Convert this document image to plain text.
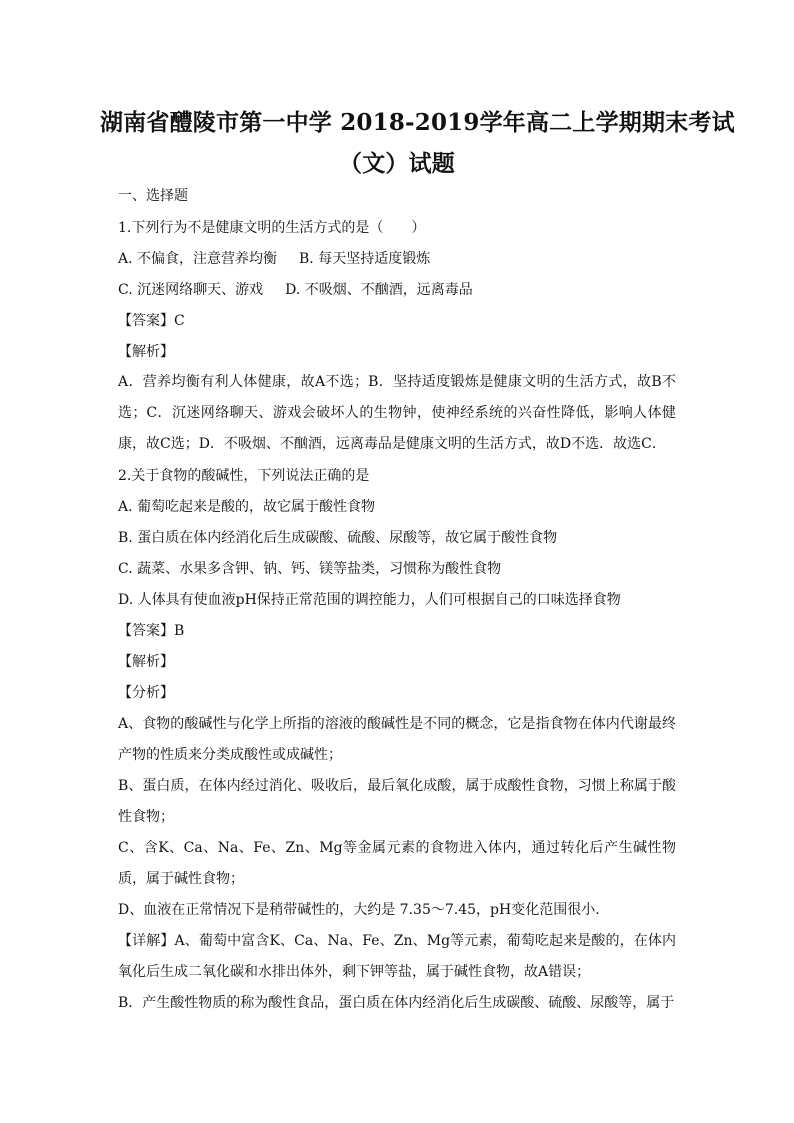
湖南省醴陵市第一中学 2018-2019学年高二上学期期末考试
（文）试题
一、选择题
1.下列行为不是健康文明的生活方式的是（　　）
A. 不偏食，注意营养均衡 B. 每天坚持适度锻炼
C. 沉迷网络聊天、游戏 D. 不吸烟、不酗酒，远离毒品
【答案】C
【解析】
A．营养均衡有利人体健康，故A不选；B．坚持适度锻炼是健康文明的生活方式，故B不选；C．沉迷网络聊天、游戏会破坏人的生物钟，使神经系统的兴奋性降低，影响人体健康，故C选；D．不吸烟、不酗酒，远离毒品是健康文明的生活方式，故D不选．故选C．
2.关于食物的酸碱性，下列说法正确的是
A. 葡萄吃起来是酸的，故它属于酸性食物
B. 蛋白质在体内经消化后生成碳酸、硫酸、尿酸等，故它属于酸性食物
C. 蔬菜、水果多含钾、钠、钙、镁等盐类，习惯称为酸性食物
D. 人体具有使血液pH保持正常范围的调控能力，人们可根据自己的口味选择食物
【答案】B
【解析】
【分析】
A、食物的酸碱性与化学上所指的溶液的酸碱性是不同的概念，它是指食物在体内代谢最终产物的性质来分类成酸性或成碱性；
B、蛋白质，在体内经过消化、吸收后，最后氧化成酸，属于成酸性食物，习惯上称属于酸性食物；
C、含K、Ca、Na、Fe、Zn、Mg等金属元素的食物进入体内，通过转化后产生碱性物质，属于碱性食物；
D、血液在正常情况下是稍带碱性的，大约是 7.35～7.45，pH变化范围很小．
【详解】A、葡萄中富含K、Ca、Na、Fe、Zn、Mg等元素，葡萄吃起来是酸的，在体内氧化后生成二氧化碳和水排出体外，剩下钾等盐，属于碱性食物，故A错误；
B．产生酸性物质的称为酸性食品，蛋白质在体内经消化后生成碳酸、硫酸、尿酸等，属于
